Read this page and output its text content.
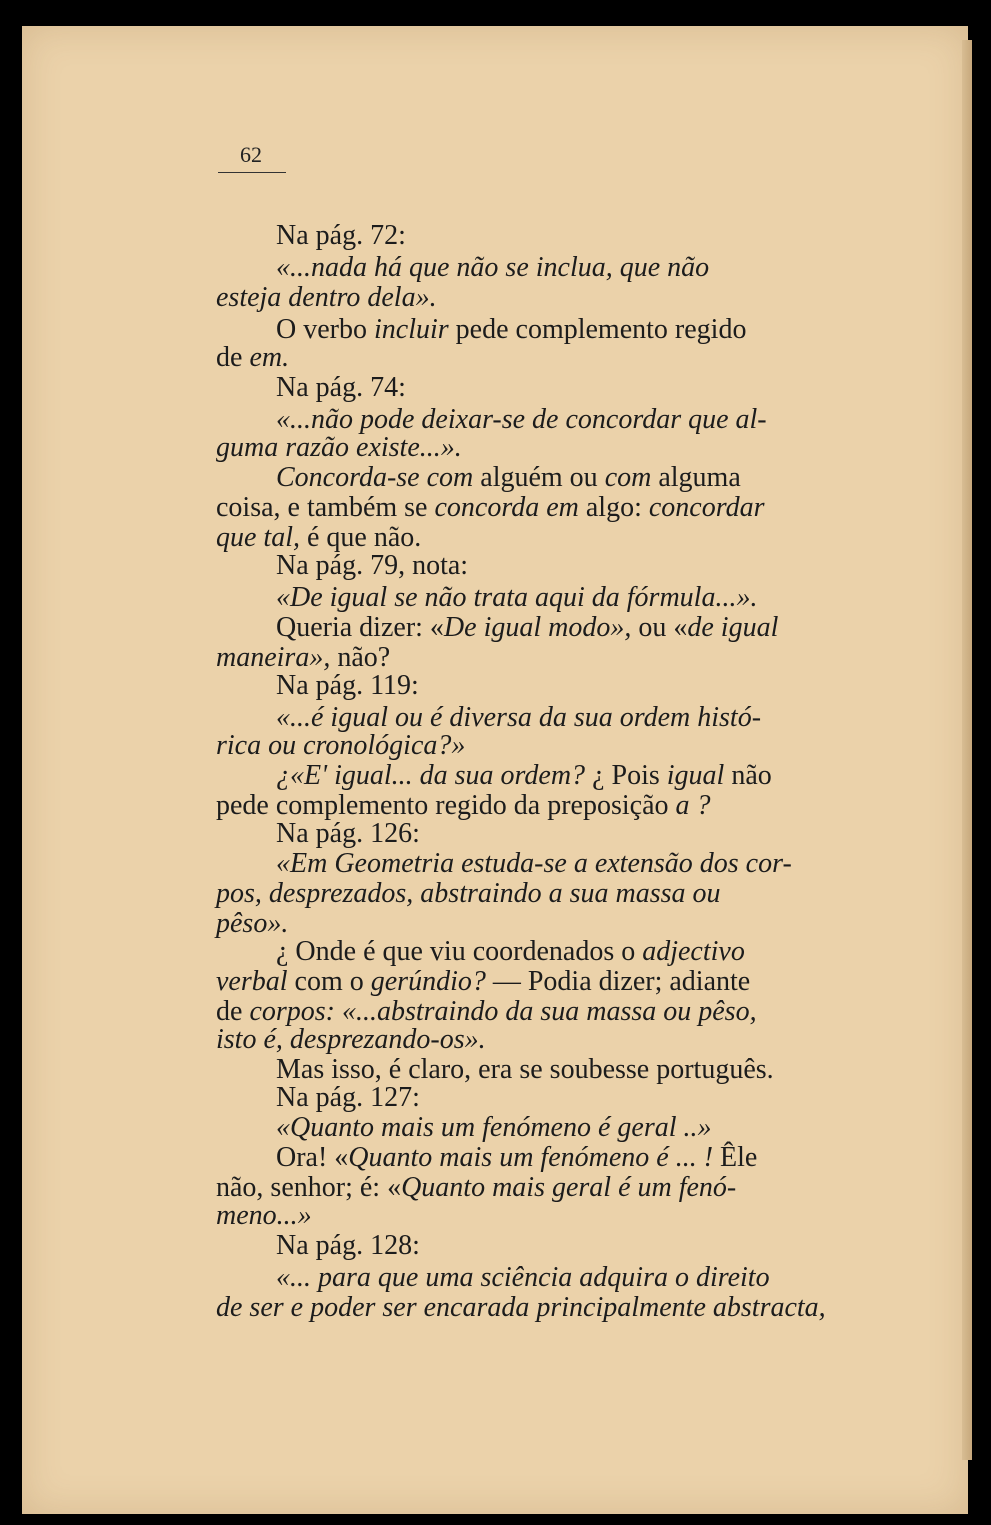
62
Na pág. 72:
«...nada há que não se inclua, que não
esteja dentro dela».
O verbo incluir pede complemento regido
de em.
Na pág. 74:
«...não pode deixar-se de concordar que al-
guma razão existe...».
Concorda-se com alguém ou com alguma
coisa, e também se concorda em algo: concordar
que tal, é que não.
Na pág. 79, nota:
«De igual se não trata aqui da fórmula...».
Queria dizer: «De igual modo», ou «de igual
maneira», não?
Na pág. 119:
«...é igual ou é diversa da sua ordem histó-
rica ou cronológica?»
¿«E' igual... da sua ordem? ¿ Pois igual não
pede complemento regido da preposição a ?
Na pág. 126:
«Em Geometria estuda-se a extensão dos cor-
pos, desprezados, abstraindo a sua massa ou
pêso».
¿ Onde é que viu coordenados o adjectivo
verbal com o gerúndio? — Podia dizer; adiante
de corpos: «...abstraindo da sua massa ou pêso,
isto é, desprezando-os».
Mas isso, é claro, era se soubesse português.
Na pág. 127:
«Quanto mais um fenómeno é geral ..»
Ora! «Quanto mais um fenómeno é ... ! Êle
não, senhor; é: «Quanto mais geral é um fenó-
meno...»
Na pág. 128:
«... para que uma sciência adquira o direito
de ser e poder ser encarada principalmente abstracta,
